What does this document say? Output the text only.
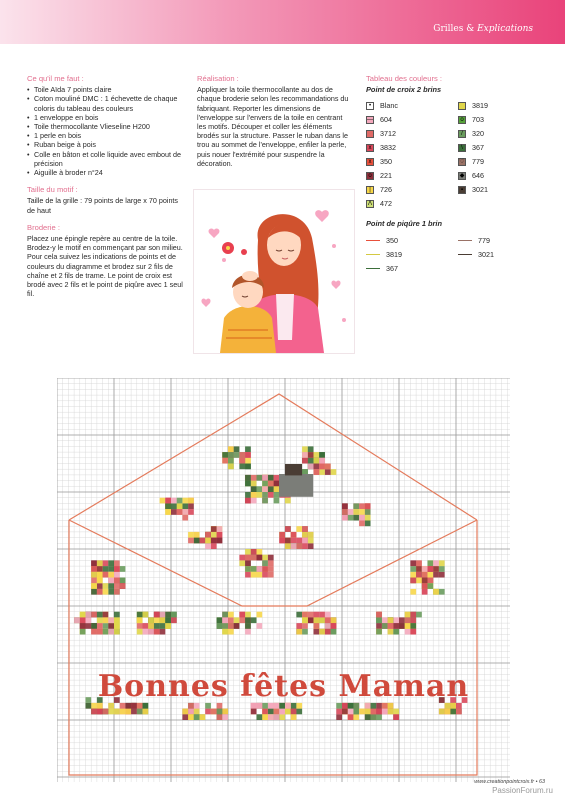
Grilles & Explications
Ce qu'il me faut :
• Toile Aïda 7 points claire
• Coton mouliné DMC : 1 échevette de chaque coloris du tableau des couleurs
• 1 enveloppe en bois
• Toile thermocollante Vlieseline H200
• 1 perle en bois
• Ruban beige à pois
• Colle en bâton et colle liquide avec embout de précision
• Aiguille à broder n°24
Taille du motif :

Taille de la grille : 79 points de large x 70 points de haut

Broderie :

Placez une épingle repère au centre de la toile. Brodez-y le motif en commençant par son milieu. Pour cela suivez les indications de points et de couleurs du diagramme et brodez sur 2 fils de chaîne et 2 fils de trame. Le point de croix est brodé avec 2 fils et le point de piqûre avec 1 seul fil.

Réalisation :

Appliquer la toile thermocollante au dos de chaque broderie selon les recommandations du fabriquant. Reporter les dimensions de l'enveloppe sur l'envers de la toile en centrant les motifs. Découper et coller les éléments brodés sur la structure. Passer le ruban dans le trou au sommet de l'enveloppe, enfiler la perle, puis nouer l'extrémité pour suspendre la décoration.

Tableau des couleurs :
Point de croix 2 brins
•	Blanc	3819
— 604	o	703
3712	/	320
x	3832	\	367
x	350	♡ 779
o	221	◆ 646
|	726	▪	3021
Λ 472
Point de piqûre 1 brin
350	779
3819	3021
367
Bonnes fêtes Maman
www.creationpointcroix.fr • 63
PassionForum.ru
